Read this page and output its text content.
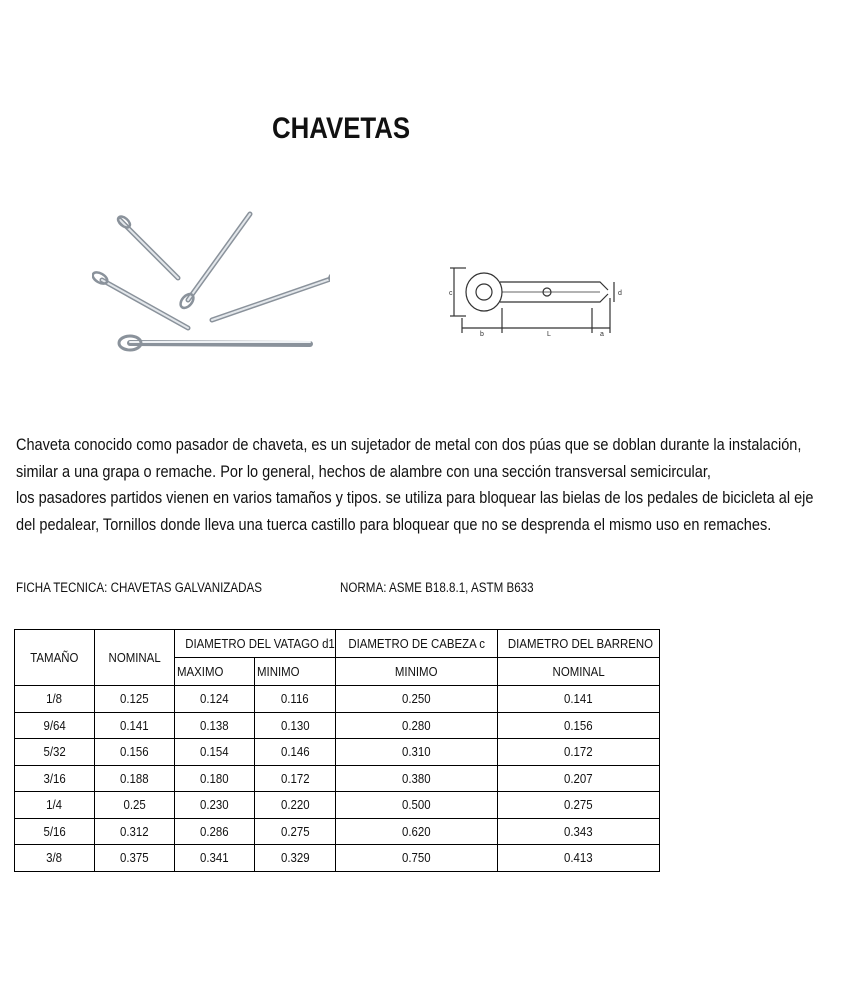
CHAVETAS
c
b	L	a
d
Chaveta conocido como pasador de chaveta, es un sujetador de metal con dos púas que se doblan durante la instalación,
similar a una grapa o remache. Por lo general, hechos de alambre con una sección transversal semicircular,
los pasadores partidos vienen en varios tamaños y tipos. se utiliza para bloquear las bielas de los pedales de bicicleta al eje
del pedalear, Tornillos donde lleva una tuerca castillo para bloquear que no se desprenda el mismo uso en remaches.
FICHA TECNICA: CHAVETAS GALVANIZADAS	NORMA: ASME B18.8.1, ASTM B633
TAMAÑO	NOMINAL	DIAMETRO DEL VATAGO d1		DIAMETRO DE CABEZA c	DIAMETRO DEL BARRENO
		MAXIMO	MINIMO	MINIMO	NOMINAL
1/8	0.125	0.124	0.116	0.250	0.141
9/64	0.141	0.138	0.130	0.280	0.156
5/32	0.156	0.154	0.146	0.310	0.172
3/16	0.188	0.180	0.172	0.380	0.207
1/4	0.25	0.230	0.220	0.500	0.275
5/16	0.312	0.286	0.275	0.620	0.343
3/8	0.375	0.341	0.329	0.750	0.413
